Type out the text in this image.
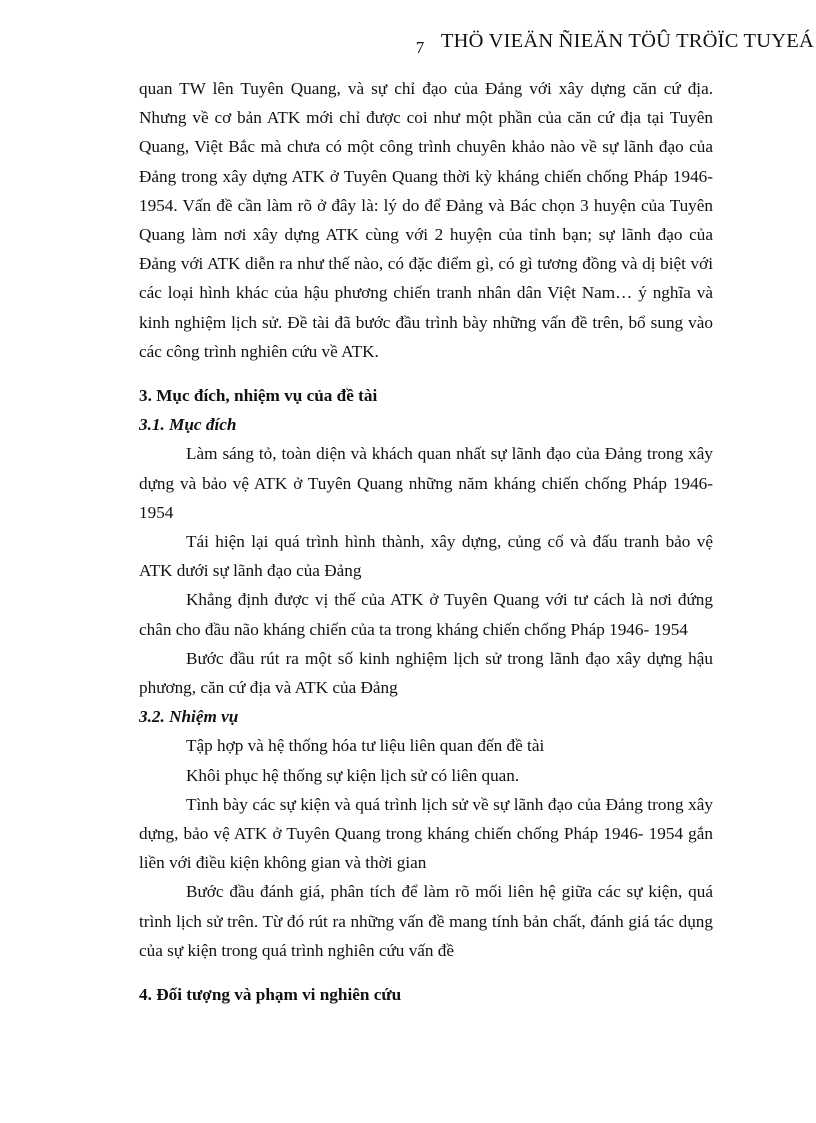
7 THÖ VIEÄN ÑIEÄN TÖÛ TRÖÏC TUYEÁ

quan TW lên Tuyên Quang, và sự chỉ đạo của Đảng với xây dựng căn cứ địa. Nhưng về cơ bản ATK mới chỉ được coi như một phần của căn cứ địa tại Tuyên Quang, Việt Bắc mà chưa có một công trình chuyên khảo nào về sự lãnh đạo của Đảng trong xây dựng ATK ở Tuyên Quang thời kỳ kháng chiến chống Pháp 1946- 1954. Vấn đề cần làm rõ ở đây là: lý do để Đảng và Bác chọn 3 huyện của Tuyên Quang làm nơi xây dựng ATK cùng với 2 huyện của tỉnh bạn; sự lãnh đạo của Đảng với ATK diễn ra như thế nào, có đặc điểm gì, có gì tương đồng và dị biệt với các loại hình khác của hậu phương chiến tranh nhân dân Việt Nam… ý nghĩa và kinh nghiệm lịch sử. Đề tài đã bước đầu trình bày những vấn đề trên, bổ sung vào các công trình nghiên cứu về ATK.

3. Mục đích, nhiệm vụ của đề tài
3.1. Mục đích

Làm sáng tỏ, toàn diện và khách quan nhất sự lãnh đạo của Đảng trong xây dựng và bảo vệ ATK ở Tuyên Quang những năm kháng chiến chống Pháp 1946- 1954

Tái hiện lại quá trình hình thành, xây dựng, củng cố và đấu tranh bảo vệ ATK dưới sự lãnh đạo của Đảng

Khẳng định được vị thế của ATK ở Tuyên Quang với tư cách là nơi đứng chân cho đầu não kháng chiến của ta trong kháng chiến chống Pháp 1946- 1954

Bước đầu rút ra một số kinh nghiệm lịch sử trong lãnh đạo xây dựng hậu phương, căn cứ địa và ATK của Đảng

3.2. Nhiệm vụ

Tập hợp và hệ thống hóa tư liệu liên quan đến đề tài

Khôi phục hệ thống sự kiện lịch sử có liên quan.

Tình bày các sự kiện và quá trình lịch sử về sự lãnh đạo của Đảng trong xây dựng, bảo vệ ATK ở Tuyên Quang trong kháng chiến chống Pháp 1946- 1954 gắn liền với điều kiện không gian và thời gian

Bước đầu đánh giá, phân tích để làm rõ mối liên hệ giữa các sự kiện, quá trình lịch sử trên. Từ đó rút ra những vấn đề mang tính bản chất, đánh giá tác dụng của sự kiện trong quá trình nghiên cứu vấn đề

4. Đối tượng và phạm vi nghiên cứu
